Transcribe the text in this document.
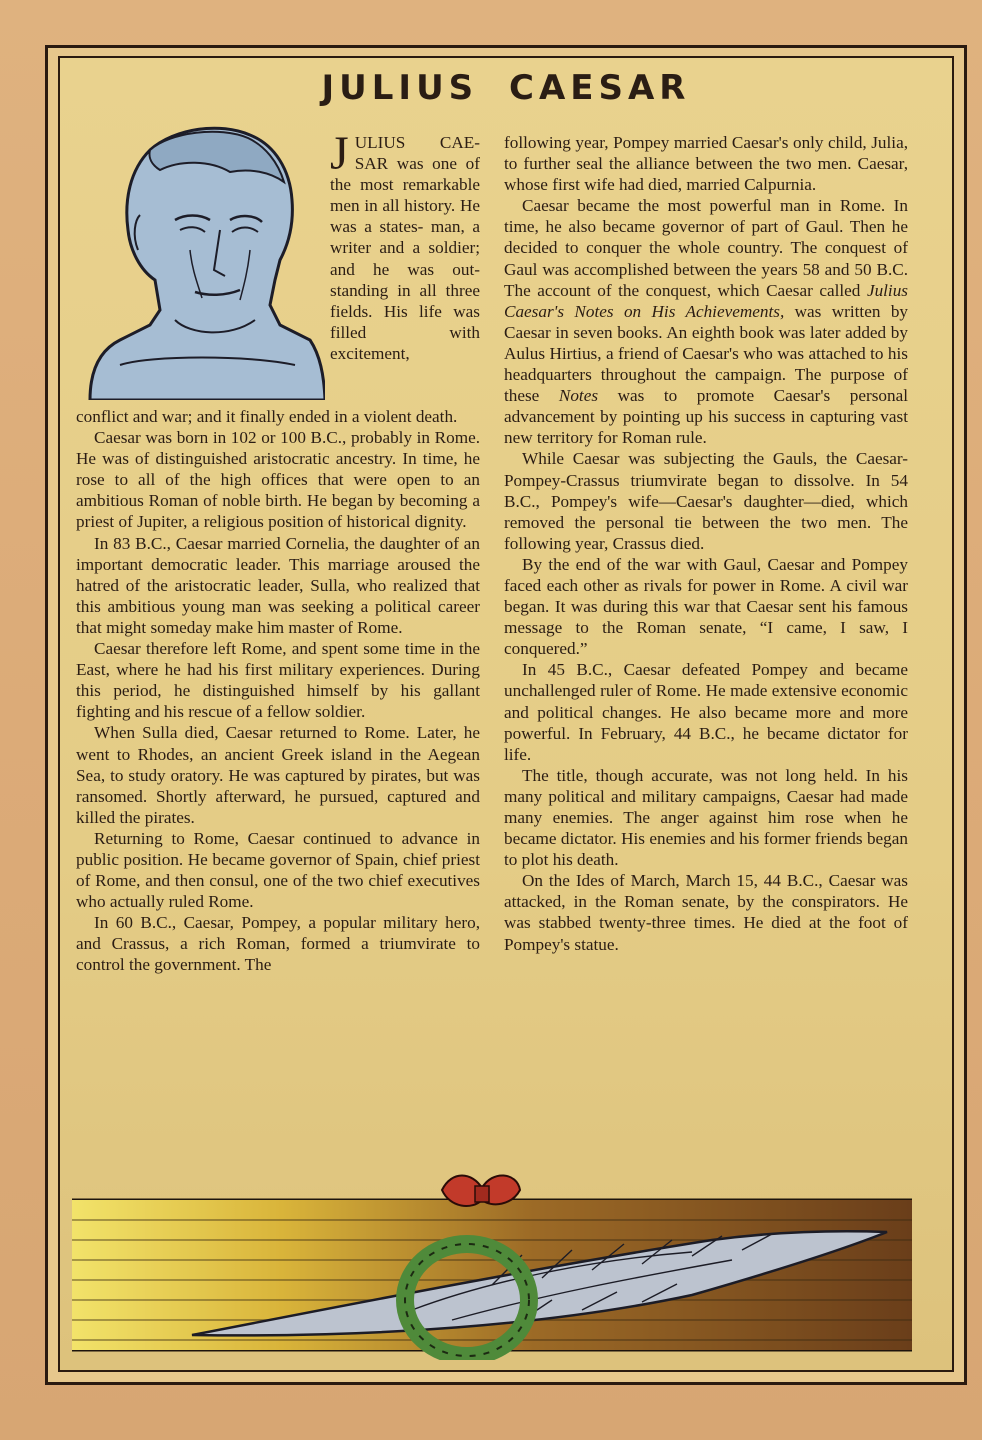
JULIUS CAESAR

JULIUS CAE- SAR was one of the most remarkable men in all history. He was a states- man, a writer and a soldier; and he was out- standing in all three fields. His life was filled with excitement,

conflict and war; and it finally ended in a violent death.

Caesar was born in 102 or 100 B.C., probably in Rome. He was of distinguished aristocratic ancestry. In time, he rose to all of the high offices that were open to an ambitious Roman of noble birth. He began by becoming a priest of Jupiter, a religious position of historical dignity.

In 83 B.C., Caesar married Cornelia, the daughter of an important democratic leader. This marriage aroused the hatred of the aristocratic leader, Sulla, who realized that this ambitious young man was seeking a political career that might someday make him master of Rome.

Caesar therefore left Rome, and spent some time in the East, where he had his first military experiences. During this period, he distinguished himself by his gallant fighting and his rescue of a fellow soldier.

When Sulla died, Caesar returned to Rome. Later, he went to Rhodes, an ancient Greek island in the Aegean Sea, to study oratory. He was captured by pirates, but was ransomed. Shortly afterward, he pursued, captured and killed the pirates.

Returning to Rome, Caesar continued to advance in public position. He became governor of Spain, chief priest of Rome, and then consul, one of the two chief executives who actually ruled Rome.

In 60 B.C., Caesar, Pompey, a popular military hero, and Crassus, a rich Roman, formed a triumvirate to control the government. The

following year, Pompey married Caesar's only child, Julia, to further seal the alliance between the two men. Caesar, whose first wife had died, married Calpurnia.

Caesar became the most powerful man in Rome. In time, he also became governor of part of Gaul. Then he decided to conquer the whole country. The conquest of Gaul was accomplished between the years 58 and 50 B.C. The account of the conquest, which Caesar called Julius Caesar's Notes on His Achievements, was written by Caesar in seven books. An eighth book was later added by Aulus Hirtius, a friend of Caesar's who was attached to his headquarters throughout the campaign. The purpose of these Notes was to promote Caesar's personal advancement by pointing up his success in capturing vast new territory for Roman rule.

While Caesar was subjecting the Gauls, the Caesar-Pompey-Crassus triumvirate began to dissolve. In 54 B.C., Pompey's wife—Caesar's daughter—died, which removed the personal tie between the two men. The following year, Crassus died.

By the end of the war with Gaul, Caesar and Pompey faced each other as rivals for power in Rome. A civil war began. It was during this war that Caesar sent his famous message to the Roman senate, “I came, I saw, I conquered.”

In 45 B.C., Caesar defeated Pompey and became unchallenged ruler of Rome. He made extensive economic and political changes. He also became more and more powerful. In February, 44 B.C., he became dictator for life.

The title, though accurate, was not long held. In his many political and military campaigns, Caesar had made many enemies. The anger against him rose when he became dictator. His enemies and his former friends began to plot his death.

On the Ides of March, March 15, 44 B.C., Caesar was attacked, in the Roman senate, by the conspirators. He was stabbed twenty-three times. He died at the foot of Pompey's statue.
